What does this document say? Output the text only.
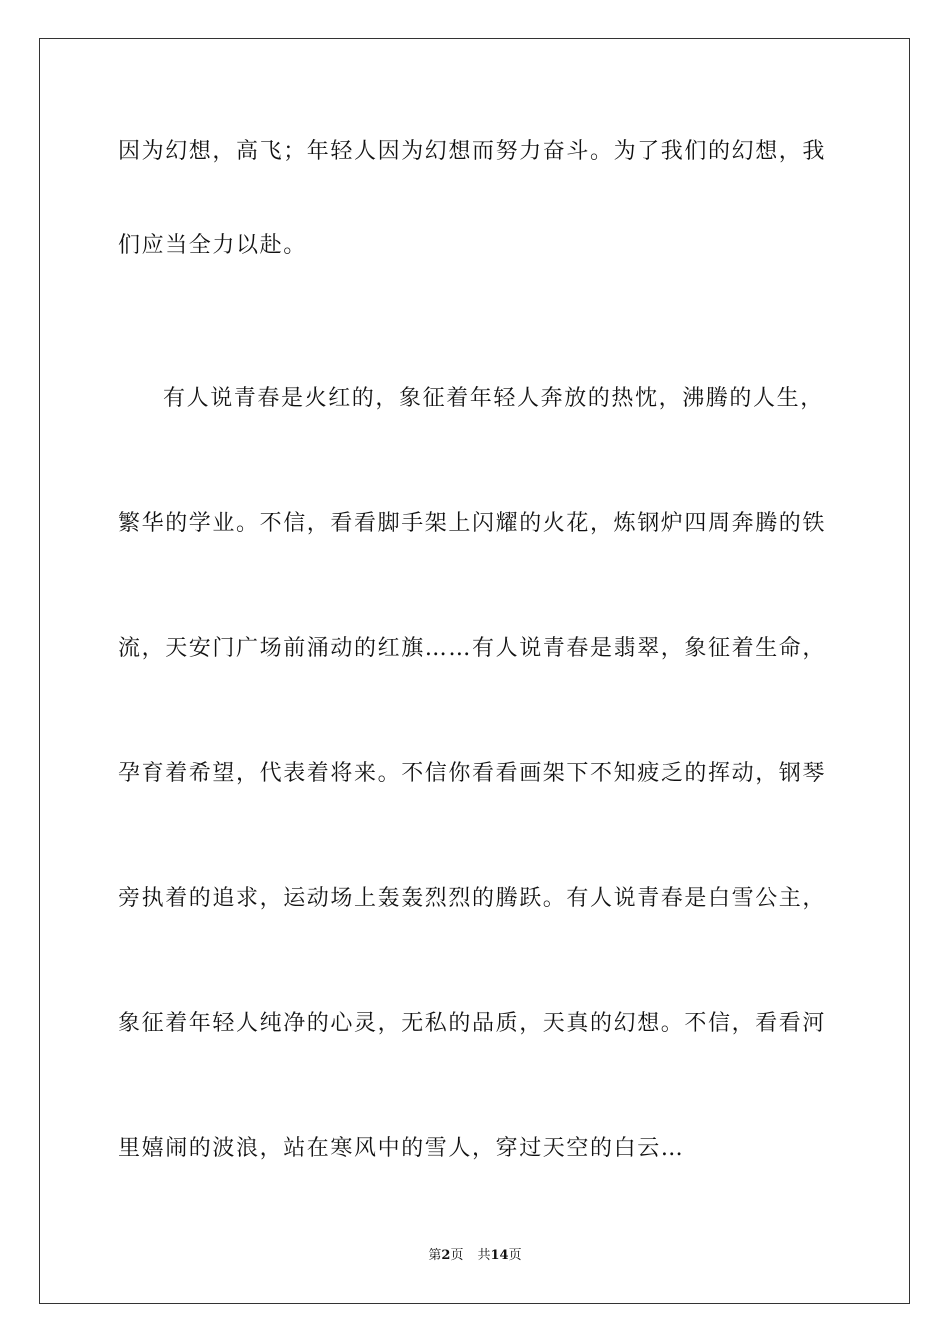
因为幻想，高飞；年轻人因为幻想而努力奋斗。为了我们的幻想，我
们应当全力以赴。
有人说青春是火红的，象征着年轻人奔放的热忱，沸腾的人生，
繁华的学业。不信，看看脚手架上闪耀的火花，炼钢炉四周奔腾的铁
流，天安门广场前涌动的红旗……有人说青春是翡翠，象征着生命，
孕育着希望，代表着将来。不信你看看画架下不知疲乏的挥动，钢琴
旁执着的追求，运动场上轰轰烈烈的腾跃。有人说青春是白雪公主，
象征着年轻人纯净的心灵，无私的品质，天真的幻想。不信，看看河
里嬉闹的波浪，站在寒风中的雪人，穿过天空的白云…
第2页 共14页
